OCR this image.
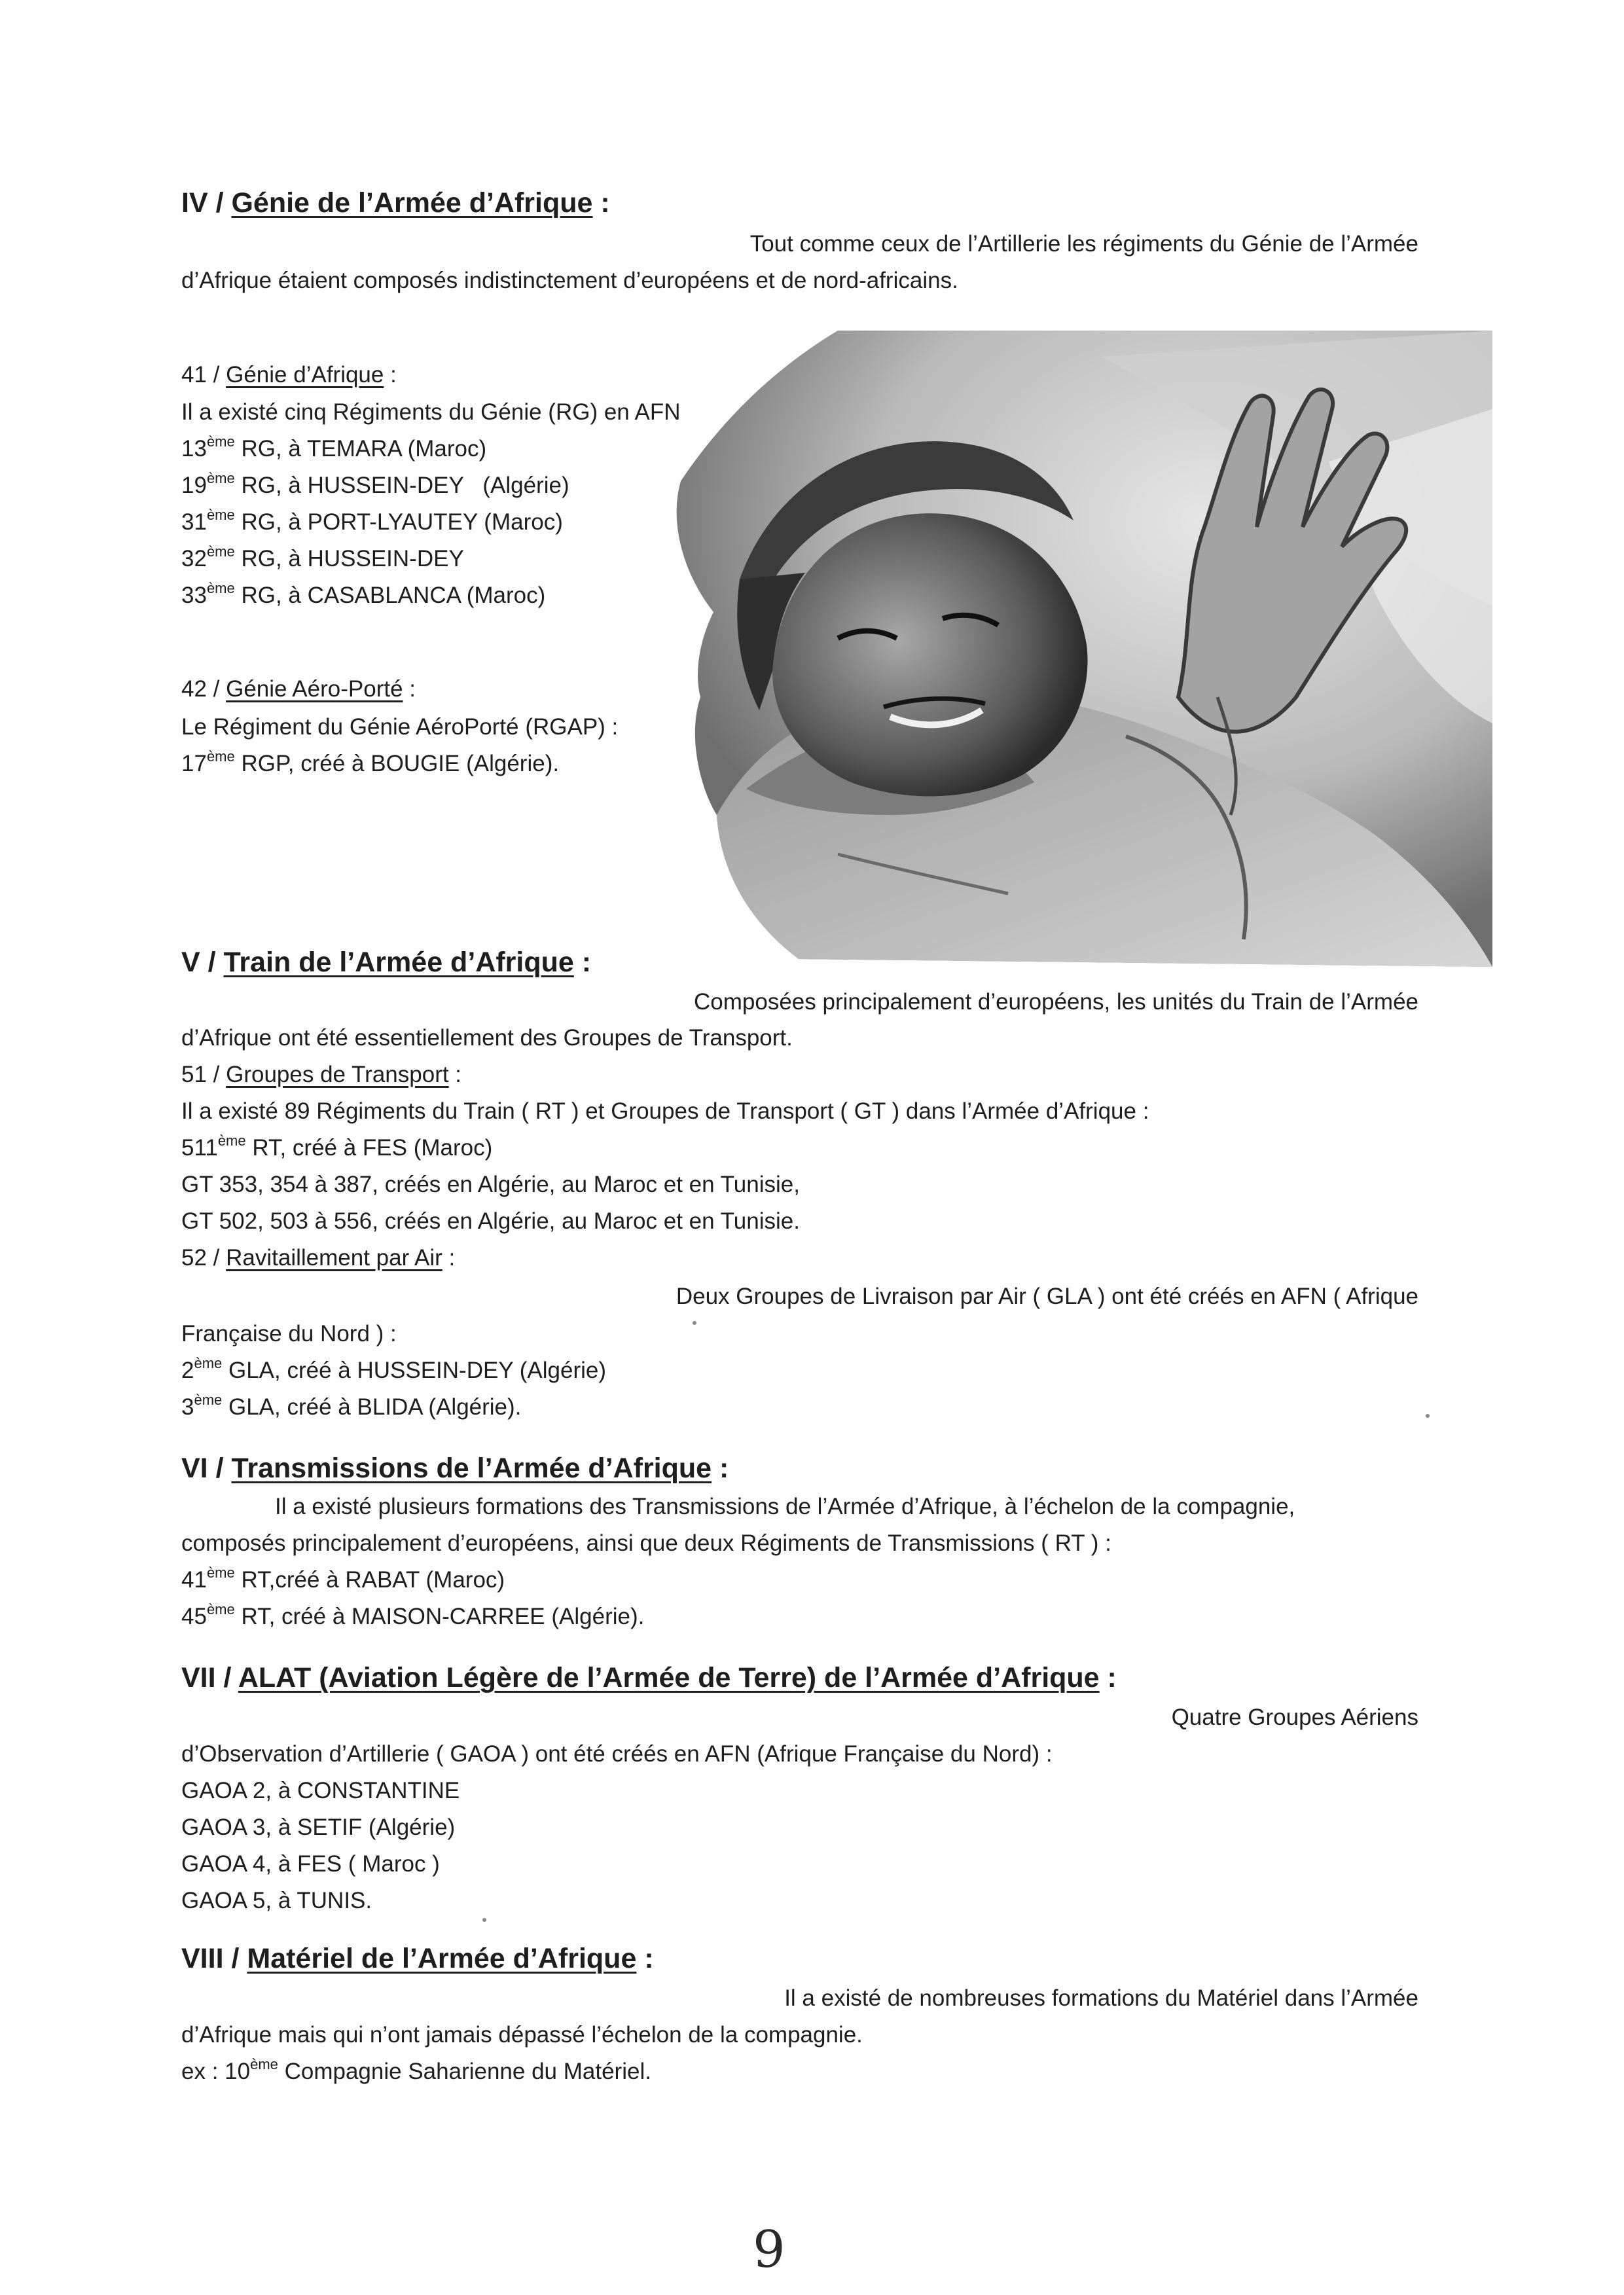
IV / Génie de l’Armée d’Afrique :
Tout comme ceux de l’Artillerie les régiments du Génie de l’Armée
d’Afrique étaient composés indistinctement d’européens et de nord-africains.
41 / Génie d’Afrique :
Il a existé cinq Régiments du Génie (RG) en AFN
13ème RG, à TEMARA (Maroc)
19ème RG, à HUSSEIN-DEY   (Algérie)
31ème RG, à PORT-LYAUTEY (Maroc)
32ème RG, à HUSSEIN-DEY
33ème RG, à CASABLANCA (Maroc)
42 / Génie Aéro-Porté :
Le Régiment du Génie AéroPorté (RGAP) :
17ème RGP, créé à BOUGIE (Algérie).
V / Train de l’Armée d’Afrique :
Composées principalement d’européens, les unités du Train de l’Armée
d’Afrique ont été essentiellement des Groupes de Transport.
51 / Groupes de Transport :
Il a existé 89 Régiments du Train ( RT ) et Groupes de Transport ( GT ) dans l’Armée d’Afrique :
511ème RT, créé à FES (Maroc)
GT 353, 354 à 387, créés en Algérie, au Maroc et en Tunisie,
GT 502, 503 à 556, créés en Algérie, au Maroc et en Tunisie.
52 / Ravitaillement par Air :
Deux Groupes de Livraison par Air ( GLA ) ont été créés en AFN ( Afrique
Française du Nord ) :
2ème GLA, créé à HUSSEIN-DEY (Algérie)
3ème GLA, créé à BLIDA (Algérie).
VI / Transmissions de l’Armée d’Afrique :
Il a existé plusieurs formations des Transmissions de l’Armée d’Afrique, à l’échelon de la compagnie,
composés principalement d’européens, ainsi que deux Régiments de Transmissions ( RT ) :
41ème RT,créé à RABAT (Maroc)
45ème RT, créé à MAISON-CARREE (Algérie).
VII / ALAT (Aviation Légère de l’Armée de Terre) de l’Armée d’Afrique :
Quatre Groupes Aériens
d’Observation d’Artillerie ( GAOA ) ont été créés en AFN (Afrique Française du Nord) :
GAOA 2, à CONSTANTINE
GAOA 3, à SETIF (Algérie)
GAOA 4, à FES ( Maroc )
GAOA 5, à TUNIS.
VIII / Matériel de l’Armée d’Afrique :
Il a existé de nombreuses formations du Matériel dans l’Armée
d’Afrique mais qui n’ont jamais dépassé l’échelon de la compagnie.
ex : 10ème Compagnie Saharienne du Matériel.
9
